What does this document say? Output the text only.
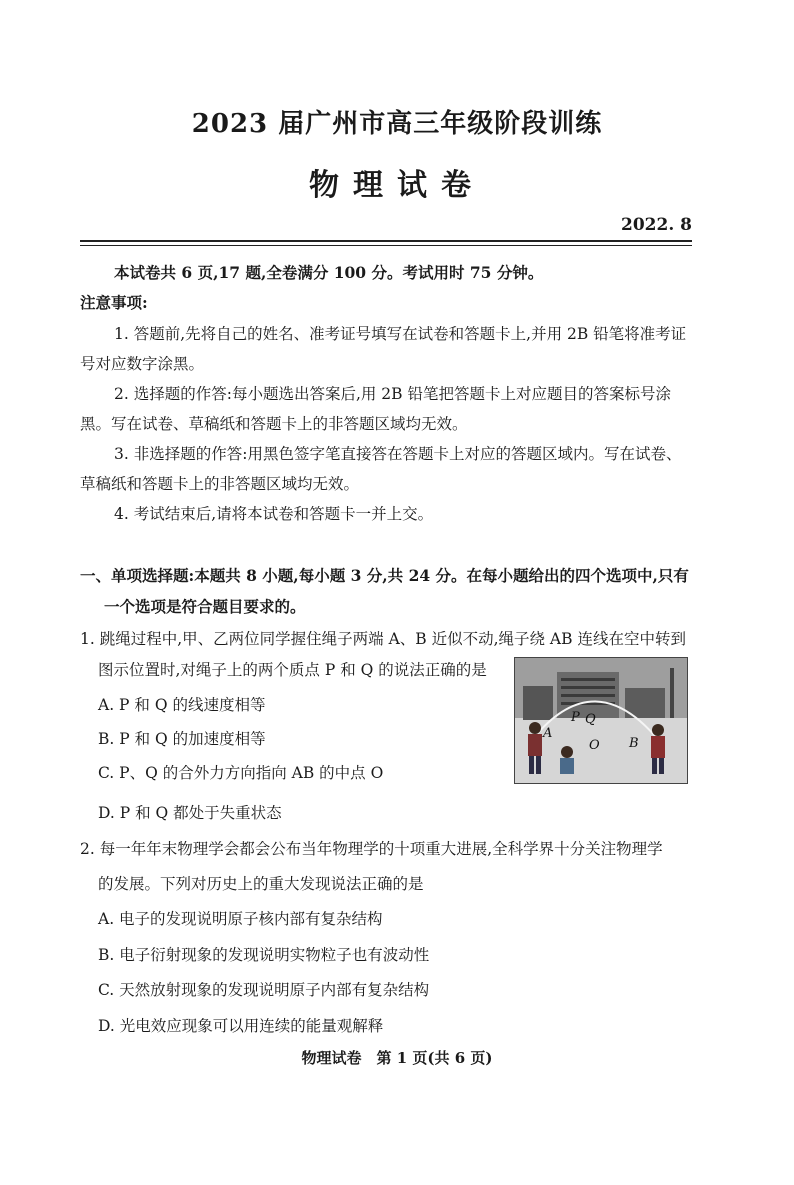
2023 届广州市高三年级阶段训练
物理试卷
2022. 8
本试卷共 6 页,17 题,全卷满分 100 分。考试用时 75 分钟。
注意事项:
1. 答题前,先将自己的姓名、准考证号填写在试卷和答题卡上,并用 2B 铅笔将准考证
号对应数字涂黑。
2. 选择题的作答:每小题选出答案后,用 2B 铅笔把答题卡上对应题目的答案标号涂
黑。写在试卷、草稿纸和答题卡上的非答题区域均无效。
3. 非选择题的作答:用黑色签字笔直接答在答题卡上对应的答题区域内。写在试卷、
草稿纸和答题卡上的非答题区域均无效。
4. 考试结束后,请将本试卷和答题卡一并上交。
一、单项选择题:本题共 8 小题,每小题 3 分,共 24 分。在每小题给出的四个选项中,只有
一个选项是符合题目要求的。
1. 跳绳过程中,甲、乙两位同学握住绳子两端 A、B 近似不动,绳子绕 AB 连线在空中转到
图示位置时,对绳子上的两个质点 P 和 Q 的说法正确的是
A. P 和 Q 的线速度相等
B. P 和 Q 的加速度相等
C. P、Q 的合外力方向指向 AB 的中点 O
D. P 和 Q 都处于失重状态
A
P Q
O B
2. 每一年年末物理学会都会公布当年物理学的十项重大进展,全科学界十分关注物理学
的发展。下列对历史上的重大发现说法正确的是
A. 电子的发现说明原子核内部有复杂结构
B. 电子衍射现象的发现说明实物粒子也有波动性
C. 天然放射现象的发现说明原子内部有复杂结构
D. 光电效应现象可以用连续的能量观解释
物理试卷　第 1 页(共 6 页)
